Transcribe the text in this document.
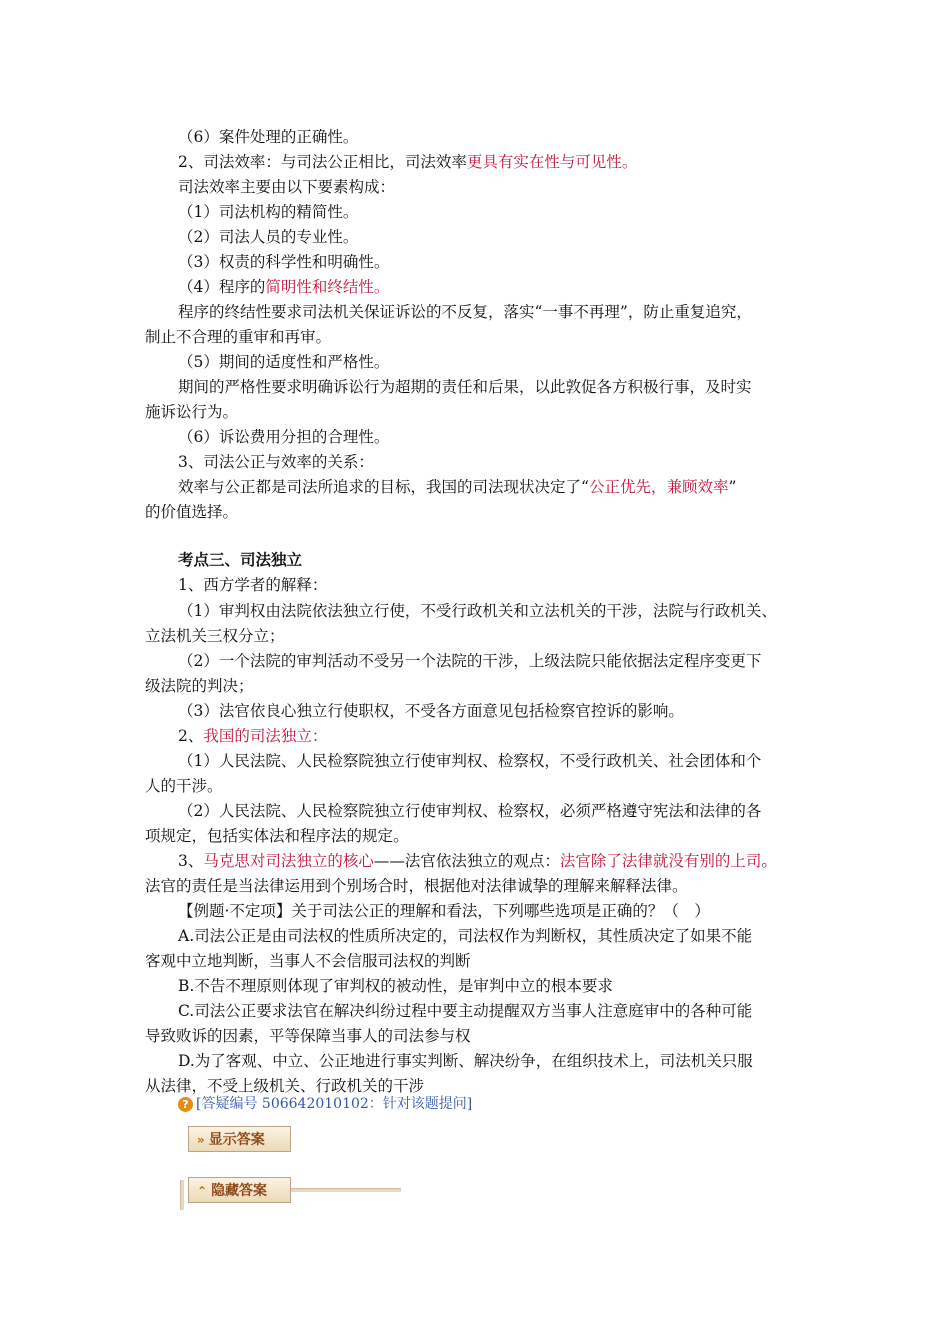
（6）案件处理的正确性。
2、司法效率：与司法公正相比，司法效率更具有实在性与可见性。
司法效率主要由以下要素构成：
（1）司法机构的精简性。
（2）司法人员的专业性。
（3）权责的科学性和明确性。
（4）程序的简明性和终结性。
程序的终结性要求司法机关保证诉讼的不反复，落实“一事不再理”，防止重复追究，
制止不合理的重审和再审。
（5）期间的适度性和严格性。
期间的严格性要求明确诉讼行为超期的责任和后果，以此敦促各方积极行事，及时实
施诉讼行为。
（6）诉讼费用分担的合理性。
3、司法公正与效率的关系：
效率与公正都是司法所追求的目标，我国的司法现状决定了“公正优先，兼顾效率”
的价值选择。
考点三、司法独立
1、西方学者的解释：
（1）审判权由法院依法独立行使，不受行政机关和立法机关的干涉，法院与行政机关、
立法机关三权分立；
（2）一个法院的审判活动不受另一个法院的干涉，上级法院只能依据法定程序变更下
级法院的判决；
（3）法官依良心独立行使职权，不受各方面意见包括检察官控诉的影响。
2、我国的司法独立：
（1）人民法院、人民检察院独立行使审判权、检察权，不受行政机关、社会团体和个
人的干涉。
（2）人民法院、人民检察院独立行使审判权、检察权，必须严格遵守宪法和法律的各
项规定，包括实体法和程序法的规定。
3、马克思对司法独立的核心——法官依法独立的观点：法官除了法律就没有别的上司。
法官的责任是当法律运用到个别场合时，根据他对法律诚挚的理解来解释法律。
【例题·不定项】关于司法公正的理解和看法，下列哪些选项是正确的？（　）
A.司法公正是由司法权的性质所决定的，司法权作为判断权，其性质决定了如果不能
客观中立地判断，当事人不会信服司法权的判断
B.不告不理原则体现了审判权的被动性，是审判中立的根本要求
C.司法公正要求法官在解决纠纷过程中要主动提醒双方当事人注意庭审中的各种可能
导致败诉的因素，平等保障当事人的司法参与权
D.为了客观、中立、公正地进行事实判断、解决纷争，在组织技术上，司法机关只服
从法律，不受上级机关、行政机关的干涉
? [答疑编号 506642010102：针对该题提问]
» 显示答案
⌃ 隐藏答案
